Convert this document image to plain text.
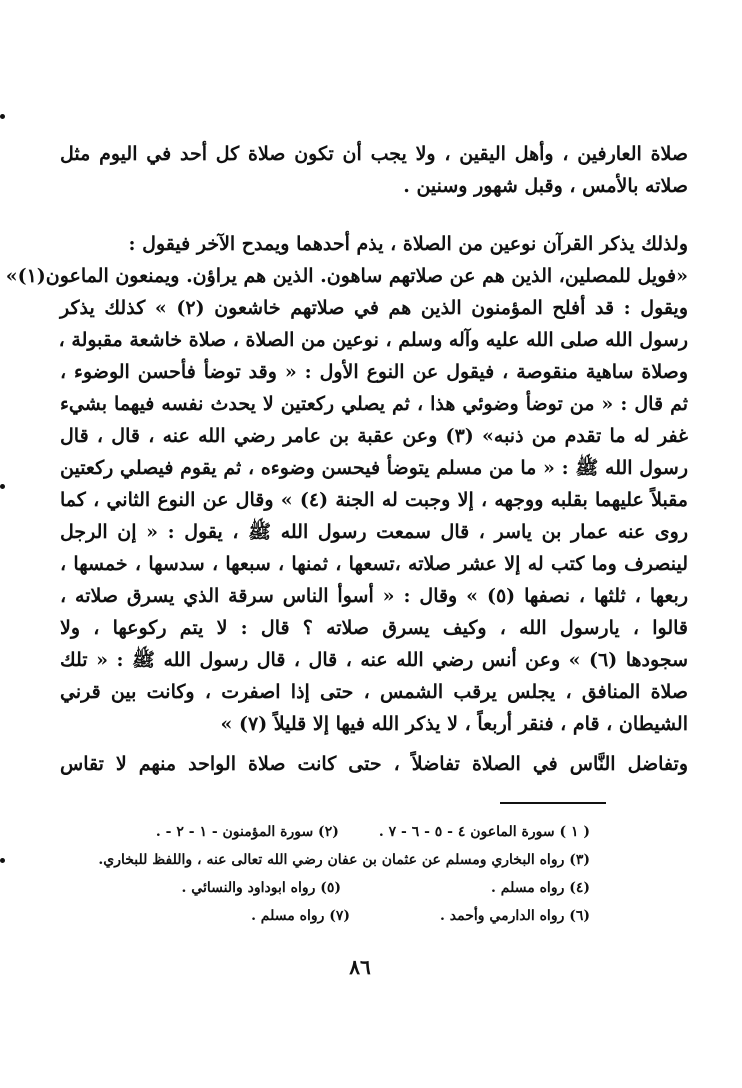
صلاة العارفين ، وأهل اليقين ، ولا يجب أن تكون صلاة كل أحد في اليوم مثل
صلاته بالأمس ، وقبل شهور وسنين .
ولذلك يذكر القرآن نوعين من الصلاة ، يذم أحدهما ويمدح الآخر فيقول :
«فويل للمصلين، الذين هم عن صلاتهم ساهون. الذين هم يراؤن. ويمنعون الماعون(١)»
ويقول : قد أفلح المؤمنون الذين هم في صلاتهم خاشعون (٢) » كذلك يذكر
رسول الله صلى الله عليه وآله وسلم ، نوعين من الصلاة ، صلاة خاشعة مقبولة ،
وصلاة ساهية منقوصة ، فيقول عن النوع الأول : « وقد توضأ فأحسن الوضوء ،
ثم قال : « من توضأ وضوئي هذا ، ثم يصلي ركعتين لا يحدث نفسه فيهما بشيء
غفر له ما تقدم من ذنبه» (٣) وعن عقبة بن عامر رضي الله عنه ، قال ، قال
رسول الله ﷺ : « ما من مسلم يتوضأ فيحسن وضوءه ، ثم يقوم فيصلي ركعتين
مقبلاً عليهما بقلبه ووجهه ، إلا وجبت له الجنة (٤) » وقال عن النوع الثاني ، كما
روى عنه عمار بن ياسر ، قال سمعت رسول الله ﷺ ، يقول : « إن الرجل
لينصرف وما كتب له إلا عشر صلاته ،تسعها ، ثمنها ، سبعها ، سدسها ، خمسها ،
ربعها ، ثلثها ، نصفها (٥) » وقال : « أسوأ الناس سرقة الذي يسرق صلاته ،
قالوا ، يارسول الله ، وكيف يسرق صلاته ؟ قال : لا يتم ركوعها ، ولا
سجودها (٦) » وعن أنس رضي الله عنه ، قال ، قال رسول الله ﷺ : « تلك
صلاة المنافق ، يجلس يرقب الشمس ، حتى إذا اصفرت ، وكانت بين قرني
الشيطان ، قام ، فنقر أربعاً ، لا يذكر الله فيها إلا قليلاً (٧) »
وتفاضل النَّاس في الصلاة تفاضلاً ، حتى كانت صلاة الواحد منهم لا تقاس
( ١ ) سورة الماعون ٤ - ٥ - ٦ - ٧ .
(٢) سورة المؤمنون - ١ - ٢ - .
(٣) رواه البخاري ومسلم عن عثمان بن عفان رضي الله تعالى عنه ، واللفظ للبخاري.
(٤) رواه مسلم .
(٥) رواه ابوداود والنسائي .
(٦) رواه الدارمي وأحمد .
(٧) رواه مسلم .
٨٦
